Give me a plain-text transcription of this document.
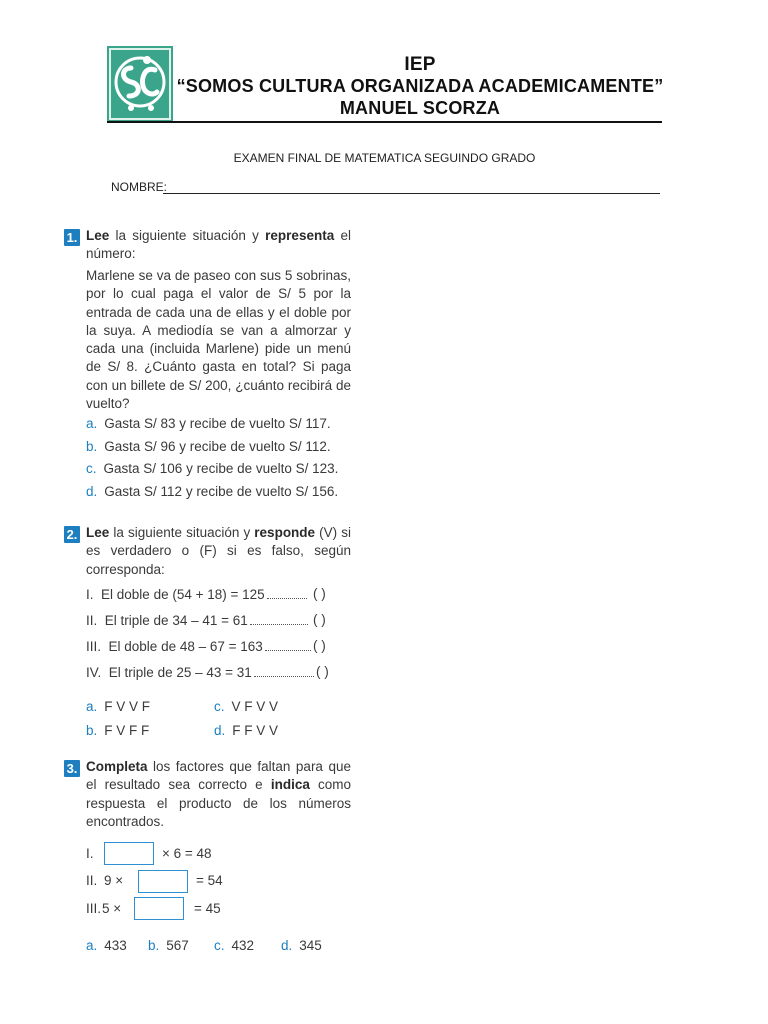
IEP
“SOMOS CULTURA ORGANIZADA ACADEMICAMENTE”
MANUEL SCORZA
EXAMEN FINAL DE MATEMATICA SEGUINDO GRADO
NOMBRE:
1. Lee la siguiente situación y representa el número:
Marlene se va de paseo con sus 5 sobrinas, por lo cual paga el valor de S/ 5 por la entrada de cada una de ellas y el doble por la suya. A mediodía se van a almorzar y cada una (incluida Marlene) pide un menú de S/ 8. ¿Cuánto gasta en total? Si paga con un billete de S/ 200, ¿cuánto recibirá de vuelto?
a. Gasta S/ 83 y recibe de vuelto S/ 117.
b. Gasta S/ 96 y recibe de vuelto S/ 112.
c. Gasta S/ 106 y recibe de vuelto S/ 123.
d. Gasta S/ 112 y recibe de vuelto S/ 156.
2. Lee la siguiente situación y responde (V) si es verdadero o (F) si es falso, según corresponda:
I. El doble de (54 + 18) = 125	( )
II. El triple de 34 – 41 = 61	( )
III. El doble de 48 – 67 = 163	( )
IV. El triple de 25 – 43 = 31	( )
a. F V V F
b. F V F F
c. V F V V
d. F F V V
3. Completa los factores que faltan para que el resultado sea correcto e indica como respuesta el producto de los números encontrados.
I.	× 6 = 48
II. 9 ×	= 54
III. 5 ×	= 45
a. 433 b. 567 c. 432 d. 345
